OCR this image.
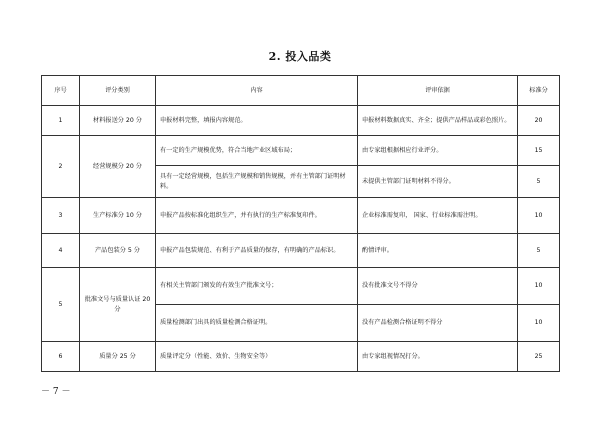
2. 投入品类
序号	评分类别	内容	评审依据	标准分
1	材料报送分 20 分	申报材料完整，填报内容规范。	申报材料数据真实、齐全；提供产品样品或彩色照片。	20
2	经营规模分 20 分	有一定的生产规模优势，符合当地产业区域布局；	由专家组根据相应行业评分。	15
		具有一定经营规模，包括生产规模和销售规模，并有主管部门证明材料。	未提供主管部门证明材料不得分。	5
3	生产标准分 10 分	申报产品按标准化组织生产，并有执行的生产标准复印件。	企业标准需复印， 国家、行业标准需注明。	10
4	产品包装分 5 分	申报产品包装规范、有利于产品质量的保存，有明确的产品标识。	酌情评审。	5
5	批准文号与质量认证 20 分	有相关主管部门颁发的有效生产批准文号；	没有批准文号不得分	10
		质量检测部门出具的质量检测合格证明。	没有产品检测合格证明不得分	10
6	质量分 25 分	质量评定分（性能、效价、生物安全等）	由专家组视情况打分。	25
－ 7 －
